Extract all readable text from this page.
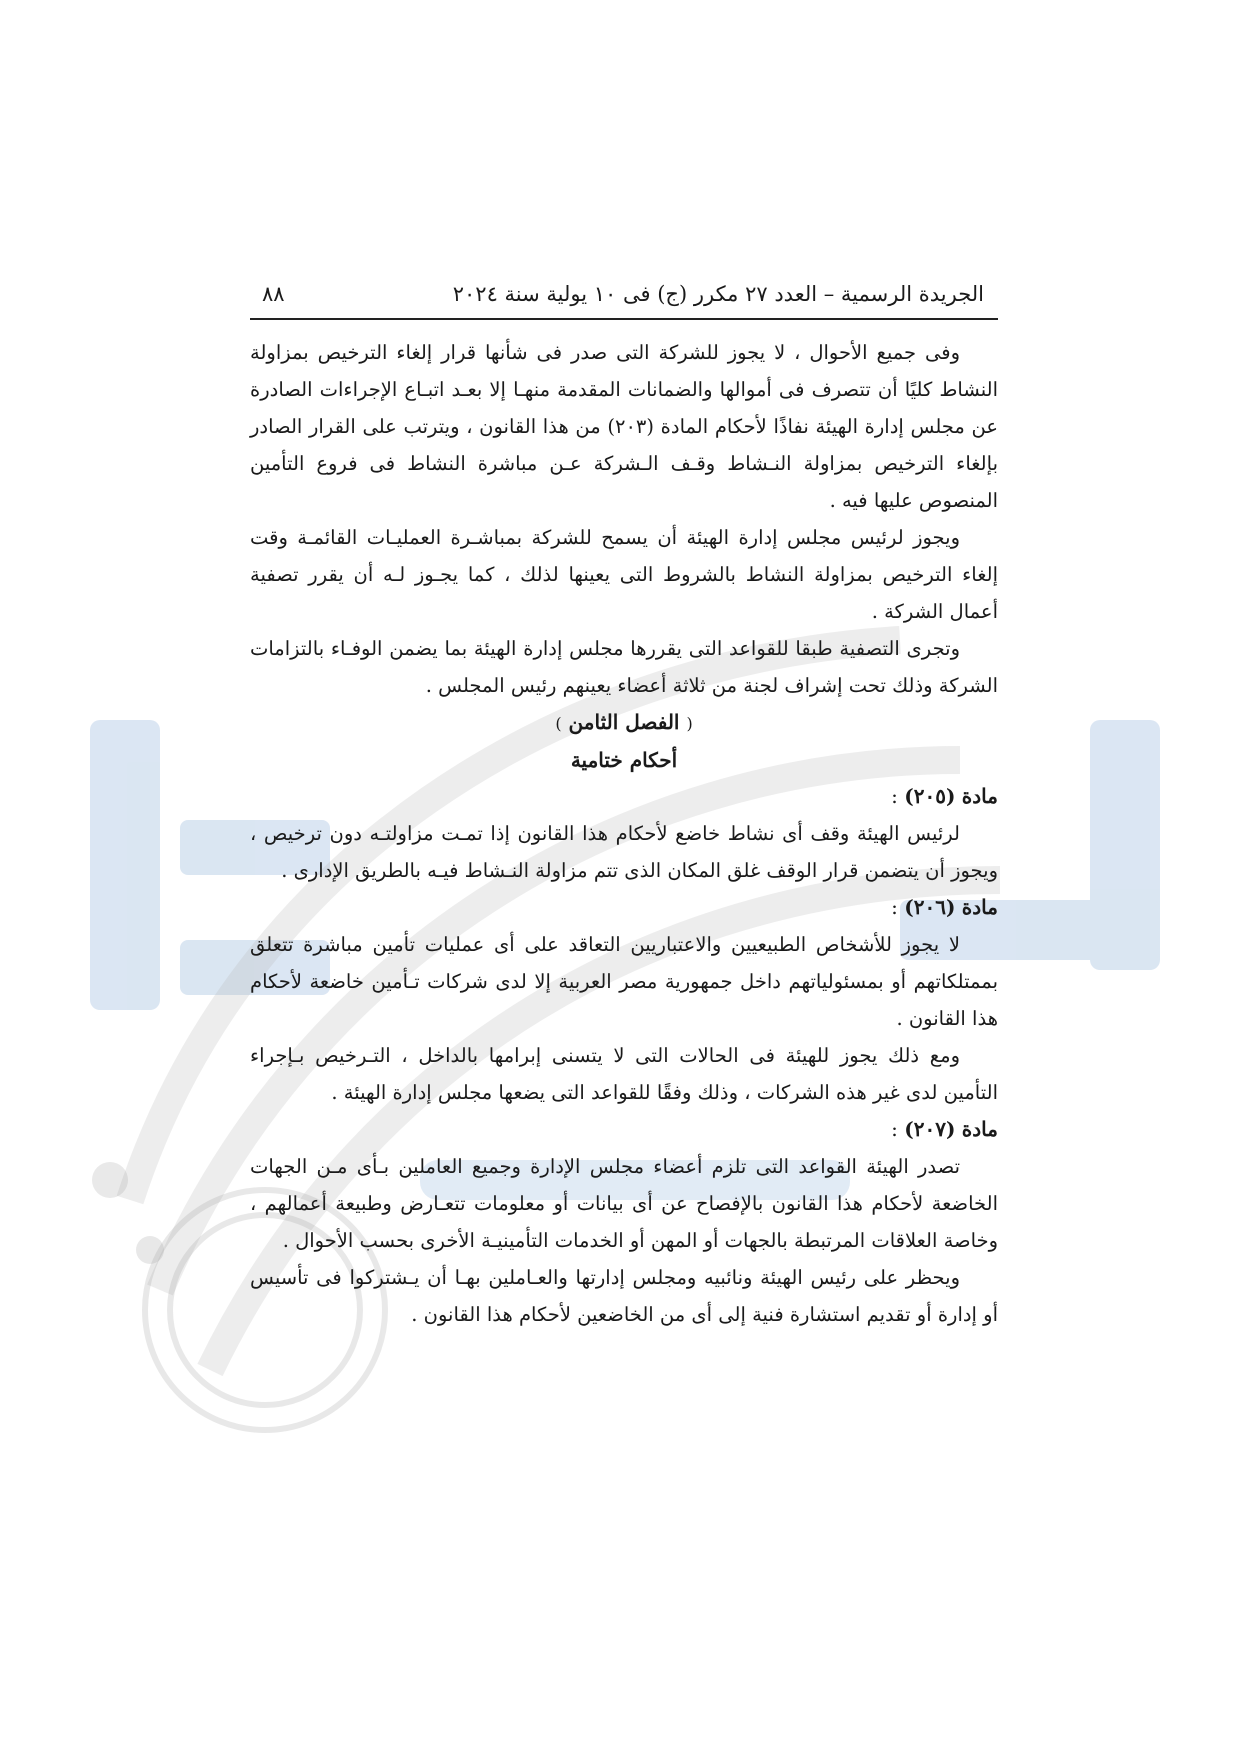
الجريدة الرسمية – العدد ٢٧ مكرر (ج) فى ١٠ يولية سنة ٢٠٢٤
٨٨

وفى جميع الأحوال ، لا يجوز للشركة التى صدر فى شأنها قرار إلغاء الترخيص بمزاولة النشاط كليًا أن تتصرف فى أموالها والضمانات المقدمة منهـا إلا بعـد اتبـاع الإجراءات الصادرة عن مجلس إدارة الهيئة نفاذًا لأحكام المادة (٢٠٣) من هذا القانون ، ويترتب على القرار الصادر بإلغاء الترخيص بمزاولة النـشاط وقـف الـشركة عـن مباشرة النشاط فى فروع التأمين المنصوص عليها فيه .

ويجوز لرئيس مجلس إدارة الهيئة أن يسمح للشركة بمباشـرة العمليـات القائمـة وقت إلغاء الترخيص بمزاولة النشاط بالشروط التى يعينها لذلك ، كما يجـوز لـه أن يقرر تصفية أعمال الشركة .

وتجرى التصفية طبقا للقواعد التى يقررها مجلس إدارة الهيئة بما يضمن الوفـاء بالتزامات الشركة وذلك تحت إشراف لجنة من ثلاثة أعضاء يعينهم رئيس المجلس .

( الفصل الثامن )
أحكام ختامية
مادة (٢٠٥) :

لرئيس الهيئة وقف أى نشاط خاضع لأحكام هذا القانون إذا تمـت مزاولتـه دون ترخيص ، ويجوز أن يتضمن قرار الوقف غلق المكان الذى تتم مزاولة النـشاط فيـه بالطريق الإدارى .

مادة (٢٠٦) :

لا يجوز للأشخاص الطبيعيين والاعتباريين التعاقد على أى عمليات تأمين مباشرة تتعلق بممتلكاتهم أو بمسئولياتهم داخل جمهورية مصر العربية إلا لدى شركات تـأمين خاضعة لأحكام هذا القانون .

ومع ذلك يجوز للهيئة فى الحالات التى لا يتسنى إبرامها بالداخل ، التـرخيص بـإجراء التأمين لدى غير هذه الشركات ، وذلك وفقًا للقواعد التى يضعها مجلس إدارة الهيئة .

مادة (٢٠٧) :

تصدر الهيئة القواعد التى تلزم أعضاء مجلس الإدارة وجميع العاملين بـأى مـن الجهات الخاضعة لأحكام هذا القانون بالإفصاح عن أى بيانات أو معلومات تتعـارض وطبيعة أعمالهم ، وخاصة العلاقات المرتبطة بالجهات أو المهن أو الخدمات التأمينيـة الأخرى بحسب الأحوال .

ويحظر على رئيس الهيئة ونائبيه ومجلس إدارتها والعـاملين بهـا أن يـشتركوا فى تأسيس أو إدارة أو تقديم استشارة فنية إلى أى من الخاضعين لأحكام هذا القانون .
